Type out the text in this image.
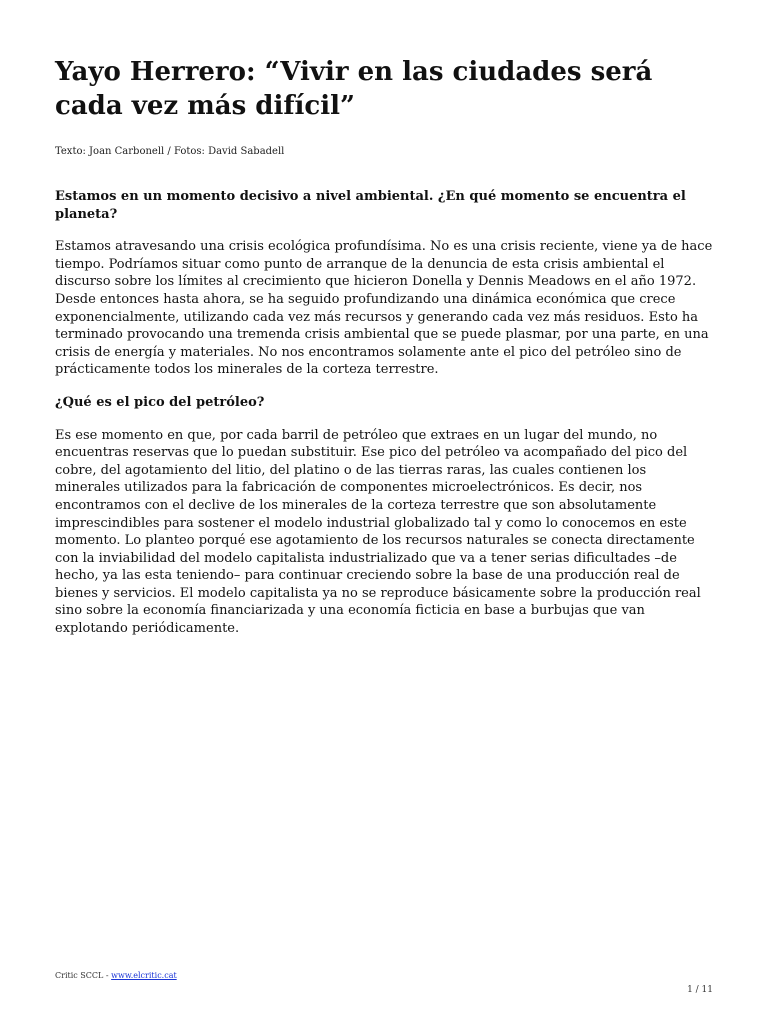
Yayo Herrero: “Vivir en las ciudades será cada vez más difícil”

Texto: Joan Carbonell / Fotos: David Sabadell

Estamos en un momento decisivo a nivel ambiental. ¿En qué momento se encuentra el planeta?

Estamos atravesando una crisis ecológica profundísima. No es una crisis reciente, viene ya de hace tiempo. Podríamos situar como punto de arranque de la denuncia de esta crisis ambiental el discurso sobre los límites al crecimiento que hicieron Donella y Dennis Meadows en el año 1972. Desde entonces hasta ahora, se ha seguido profundizando una dinámica económica que crece exponencialmente, utilizando cada vez más recursos y generando cada vez más residuos. Esto ha terminado provocando una tremenda crisis ambiental que se puede plasmar, por una parte, en una crisis de energía y materiales. No nos encontramos solamente ante el pico del petróleo sino de prácticamente todos los minerales de la corteza terrestre.

¿Qué es el pico del petróleo?

Es ese momento en que, por cada barril de petróleo que extraes en un lugar del mundo, no encuentras reservas que lo puedan substituir. Ese pico del petróleo va acompañado del pico del cobre, del agotamiento del litio, del platino o de las tierras raras, las cuales contienen los minerales utilizados para la fabricación de componentes microelectrónicos. Es decir, nos encontramos con el declive de los minerales de la corteza terrestre que son absolutamente imprescindibles para sostener el modelo industrial globalizado tal y como lo conocemos en este momento. Lo planteo porqué ese agotamiento de los recursos naturales se conecta directamente con la inviabilidad del modelo capitalista industrializado que va a tener serias dificultades –de hecho, ya las esta teniendo– para continuar creciendo sobre la base de una producción real de bienes y servicios. El modelo capitalista ya no se reproduce básicamente sobre la producción real sino sobre la economía financiarizada y una economía ficticia en base a burbujas que van explotando periódicamente.

Critic SCCL - www.elcritic.cat
1 / 11
